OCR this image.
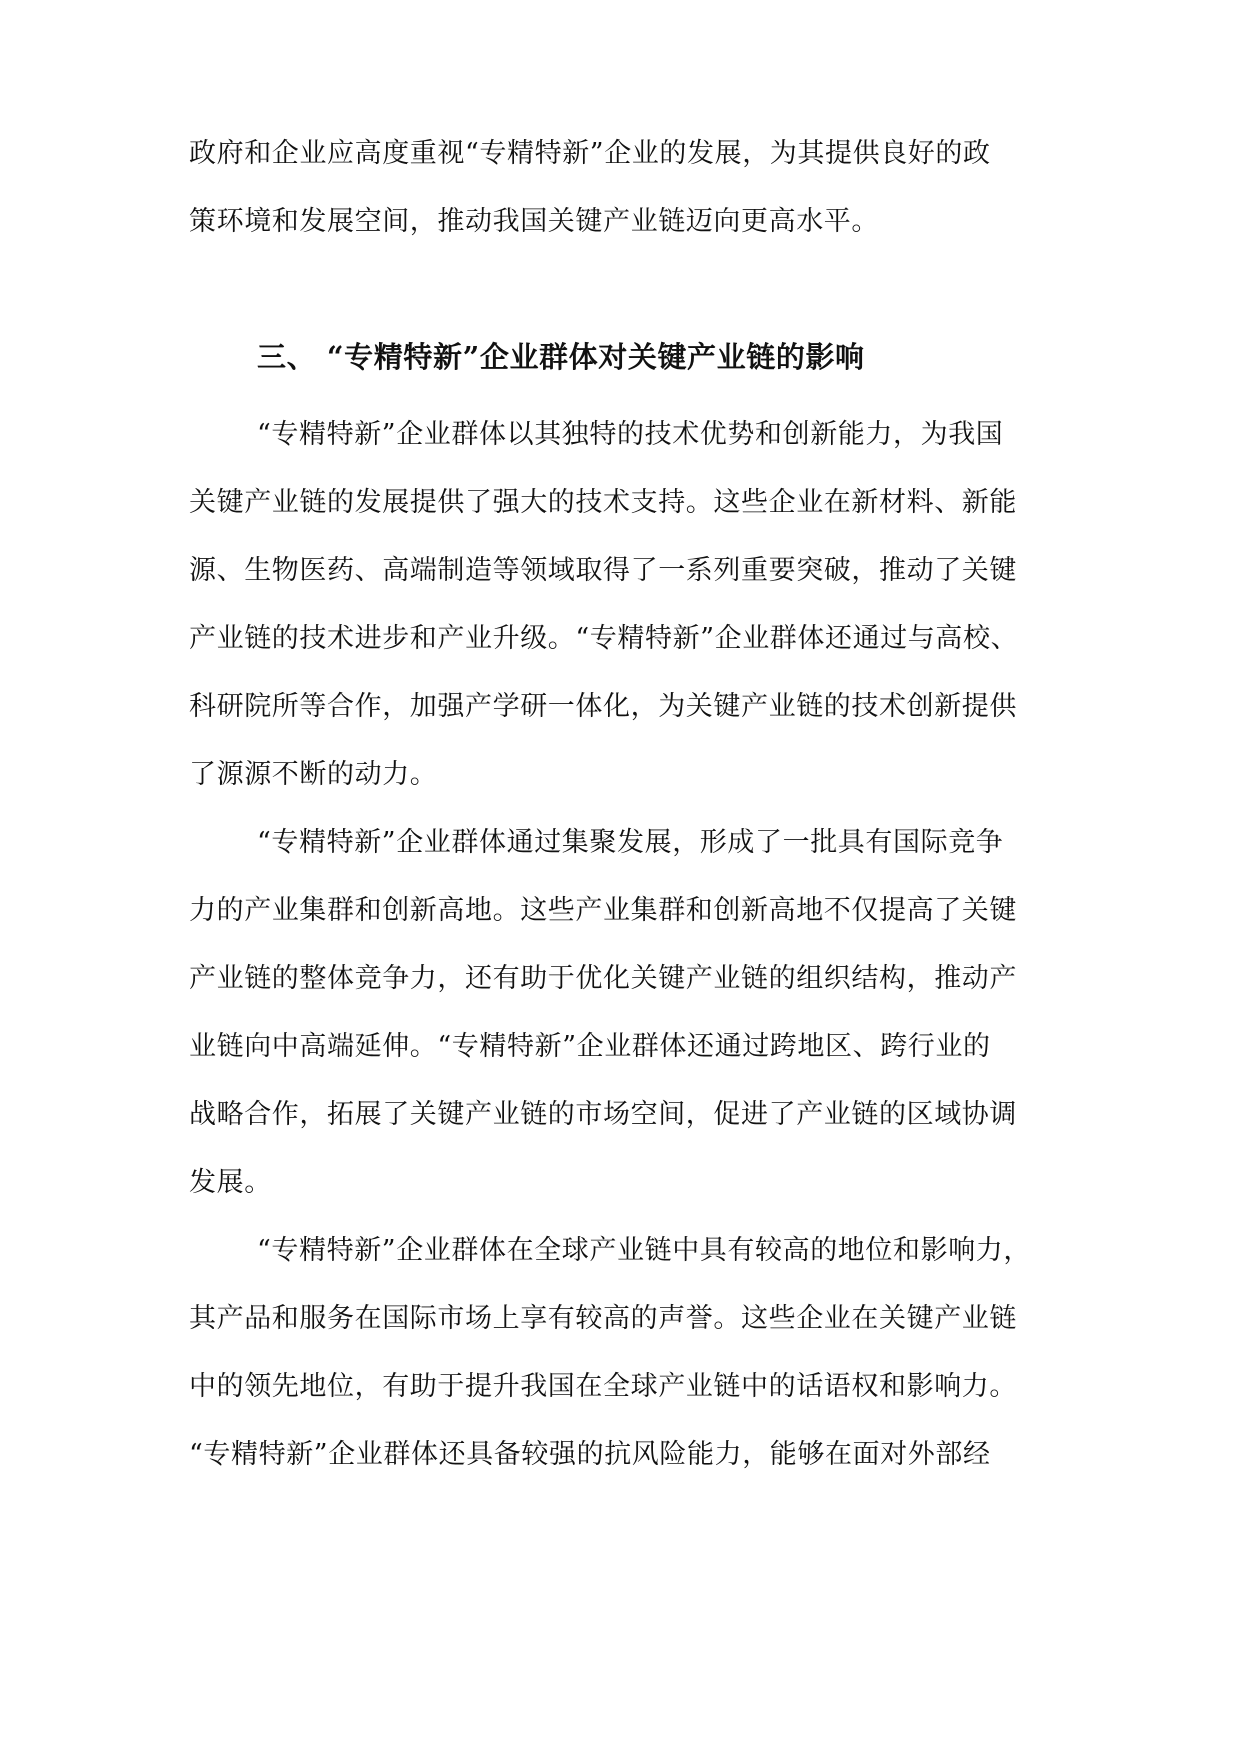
政府和企业应高度重视“专精特新”企业的发展，为其提供良好的政
策环境和发展空间，推动我国关键产业链迈向更高水平。
三、 “专精特新”企业群体对关键产业链的影响
“专精特新”企业群体以其独特的技术优势和创新能力，为我国
关键产业链的发展提供了强大的技术支持。这些企业在新材料、新能
源、生物医药、高端制造等领域取得了一系列重要突破，推动了关键
产业链的技术进步和产业升级。“专精特新”企业群体还通过与高校、
科研院所等合作，加强产学研一体化，为关键产业链的技术创新提供
了源源不断的动力。
“专精特新”企业群体通过集聚发展，形成了一批具有国际竞争
力的产业集群和创新高地。这些产业集群和创新高地不仅提高了关键
产业链的整体竞争力，还有助于优化关键产业链的组织结构，推动产
业链向中高端延伸。“专精特新”企业群体还通过跨地区、跨行业的
战略合作，拓展了关键产业链的市场空间，促进了产业链的区域协调
发展。
“专精特新”企业群体在全球产业链中具有较高的地位和影响力，
其产品和服务在国际市场上享有较高的声誉。这些企业在关键产业链
中的领先地位，有助于提升我国在全球产业链中的话语权和影响力。
“专精特新”企业群体还具备较强的抗风险能力，能够在面对外部经
